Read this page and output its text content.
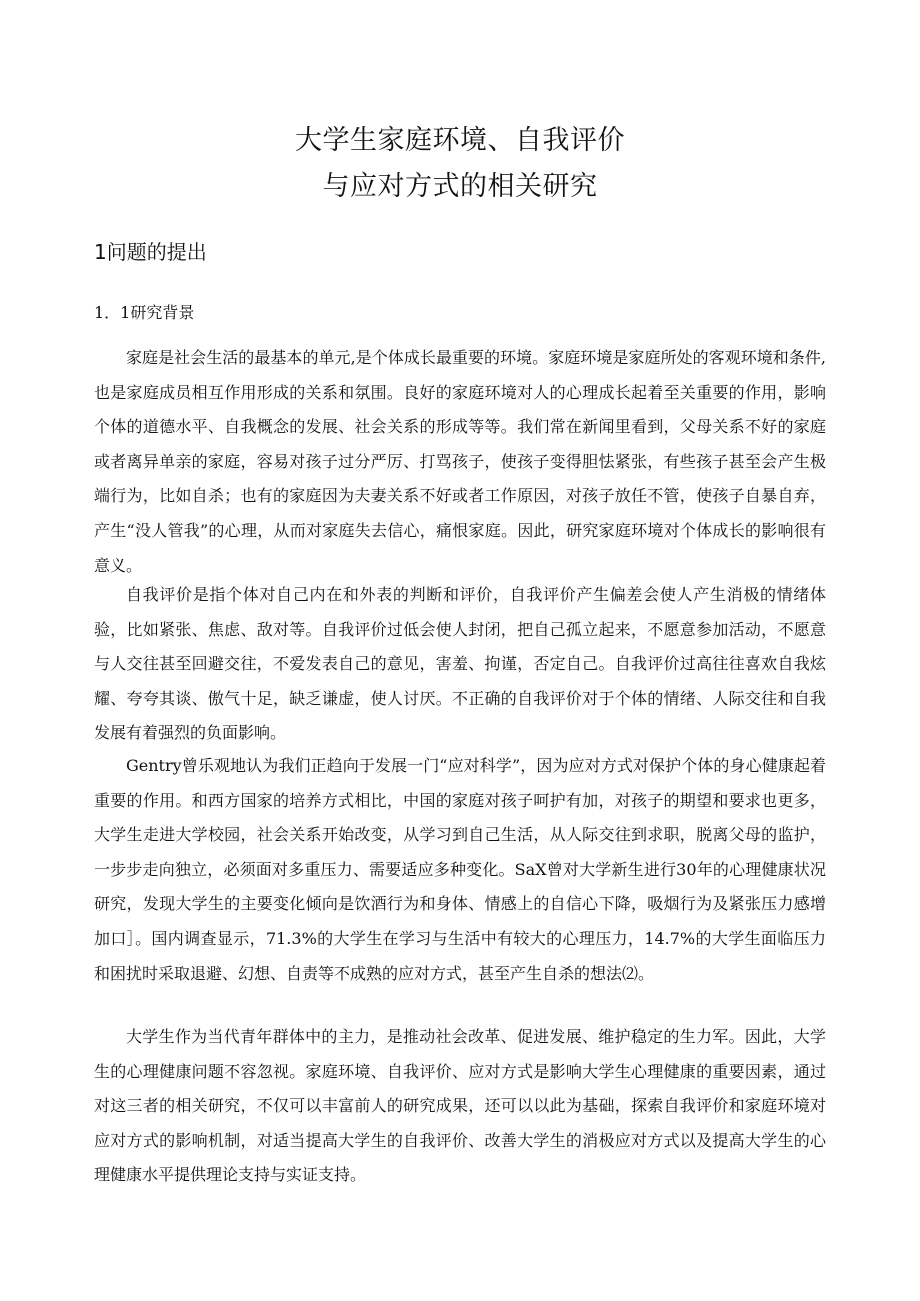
大学生家庭环境、自我评价
与应对方式的相关研究
1问题的提出
1．1研究背景

家庭是社会生活的最基本的单元,是个体成长最重要的环境。家庭环境是家庭所处的客观环境和条件,也是家庭成员相互作用形成的关系和氛围。良好的家庭环境对人的心理成长起着至关重要的作用，影响个体的道德水平、自我概念的发展、社会关系的形成等等。我们常在新闻里看到，父母关系不好的家庭或者离异单亲的家庭，容易对孩子过分严厉、打骂孩子，使孩子变得胆怯紧张，有些孩子甚至会产生极端行为，比如自杀；也有的家庭因为夫妻关系不好或者工作原因，对孩子放任不管，使孩子自暴自弃，产生“没人管我”的心理，从而对家庭失去信心，痛恨家庭。因此，研究家庭环境对个体成长的影响很有意义。

自我评价是指个体对自己内在和外表的判断和评价，自我评价产生偏差会使人产生消极的情绪体验，比如紧张、焦虑、敌对等。自我评价过低会使人封闭，把自己孤立起来，不愿意参加活动，不愿意与人交往甚至回避交往，不爱发表自己的意见，害羞、拘谨，否定自己。自我评价过高往往喜欢自我炫耀、夸夸其谈、傲气十足，缺乏谦虚，使人讨厌。不正确的自我评价对于个体的情绪、人际交往和自我发展有着强烈的负面影响。

Gentry曾乐观地认为我们正趋向于发展一门“应对科学”，因为应对方式对保护个体的身心健康起着重要的作用。和西方国家的培养方式相比，中国的家庭对孩子呵护有加，对孩子的期望和要求也更多，大学生走进大学校园，社会关系开始改变，从学习到自己生活，从人际交往到求职，脱离父母的监护，一步步走向独立，必须面对多重压力、需要适应多种变化。SaX曾对大学新生进行30年的心理健康状况研究，发现大学生的主要变化倾向是饮酒行为和身体、情感上的自信心下降，吸烟行为及紧张压力感增加口］。国内调查显示，71.3%的大学生在学习与生活中有较大的心理压力，14.7%的大学生面临压力和困扰时采取退避、幻想、自责等不成熟的应对方式，甚至产生自杀的想法⑵。

大学生作为当代青年群体中的主力，是推动社会改革、促进发展、维护稳定的生力军。因此，大学生的心理健康问题不容忽视。家庭环境、自我评价、应对方式是影响大学生心理健康的重要因素，通过对这三者的相关研究，不仅可以丰富前人的研究成果，还可以以此为基础，探索自我评价和家庭环境对应对方式的影响机制，对适当提高大学生的自我评价、改善大学生的消极应对方式以及提高大学生的心理健康水平提供理论支持与实证支持。
